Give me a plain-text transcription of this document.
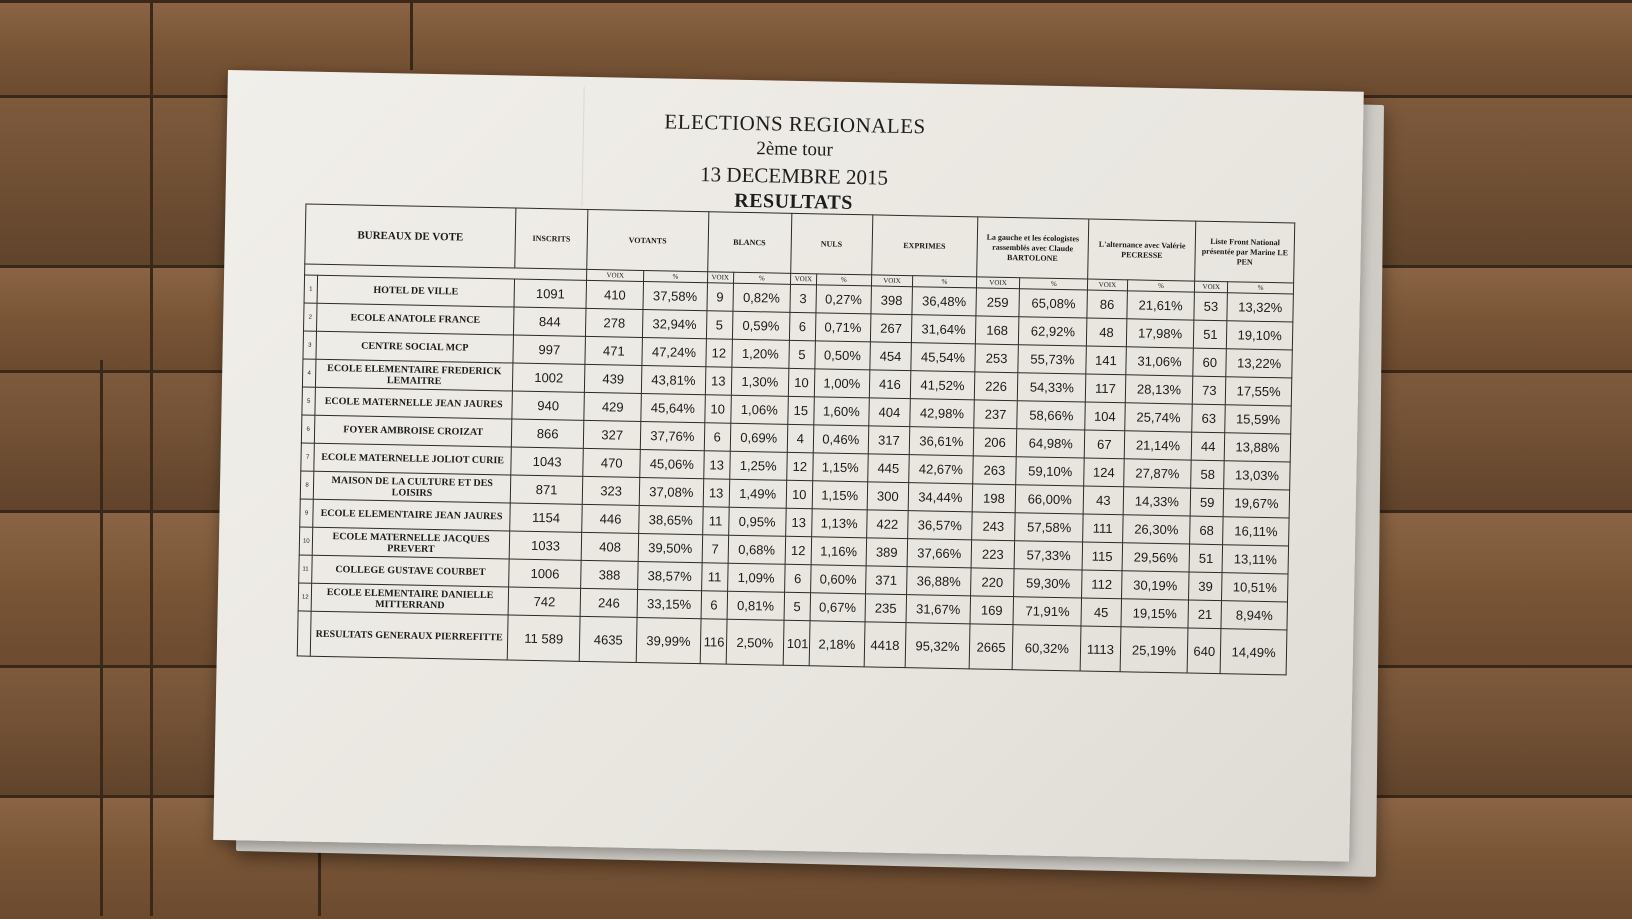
ELECTIONS REGIONALES
2ème tour
13 DECEMBRE 2015
RESULTATS
BUREAUX DE VOTE		INSCRITS	VOTANTS		BLANCS		NULS		EXPRIMES		La gauche et les écologistes rassemblés avec Claude BARTOLONE		L'alternance avec Valérie PECRESSE		Liste Front National présentée par Marine LE PEN	
			VOIX	%	VOIX	%	VOIX	%	VOIX	%	VOIX	%	VOIX	%	VOIX	%
1	HOTEL DE VILLE	1091	410	37,58%	9	0,82%	3	0,27%	398	36,48%	259	65,08%	86	21,61%	53	13,32%
2	ECOLE ANATOLE FRANCE	844	278	32,94%	5	0,59%	6	0,71%	267	31,64%	168	62,92%	48	17,98%	51	19,10%
3	CENTRE SOCIAL MCP	997	471	47,24%	12	1,20%	5	0,50%	454	45,54%	253	55,73%	141	31,06%	60	13,22%
4	ECOLE ELEMENTAIRE FREDERICK LEMAITRE	1002	439	43,81%	13	1,30%	10	1,00%	416	41,52%	226	54,33%	117	28,13%	73	17,55%
5	ECOLE MATERNELLE JEAN JAURES	940	429	45,64%	10	1,06%	15	1,60%	404	42,98%	237	58,66%	104	25,74%	63	15,59%
6	FOYER AMBROISE CROIZAT	866	327	37,76%	6	0,69%	4	0,46%	317	36,61%	206	64,98%	67	21,14%	44	13,88%
7	ECOLE MATERNELLE JOLIOT CURIE	1043	470	45,06%	13	1,25%	12	1,15%	445	42,67%	263	59,10%	124	27,87%	58	13,03%
8	MAISON DE LA CULTURE ET DES LOISIRS	871	323	37,08%	13	1,49%	10	1,15%	300	34,44%	198	66,00%	43	14,33%	59	19,67%
9	ECOLE ELEMENTAIRE JEAN JAURES	1154	446	38,65%	11	0,95%	13	1,13%	422	36,57%	243	57,58%	111	26,30%	68	16,11%
10	ECOLE MATERNELLE JACQUES PREVERT	1033	408	39,50%	7	0,68%	12	1,16%	389	37,66%	223	57,33%	115	29,56%	51	13,11%
11	COLLEGE GUSTAVE COURBET	1006	388	38,57%	11	1,09%	6	0,60%	371	36,88%	220	59,30%	112	30,19%	39	10,51%
12	ECOLE ELEMENTAIRE DANIELLE MITTERRAND	742	246	33,15%	6	0,81%	5	0,67%	235	31,67%	169	71,91%	45	19,15%	21	8,94%
	RESULTATS GENERAUX PIERREFITTE	11 589	4635	39,99%	116	2,50%	101	2,18%	4418	95,32%	2665	60,32%	1113	25,19%	640	14,49%
